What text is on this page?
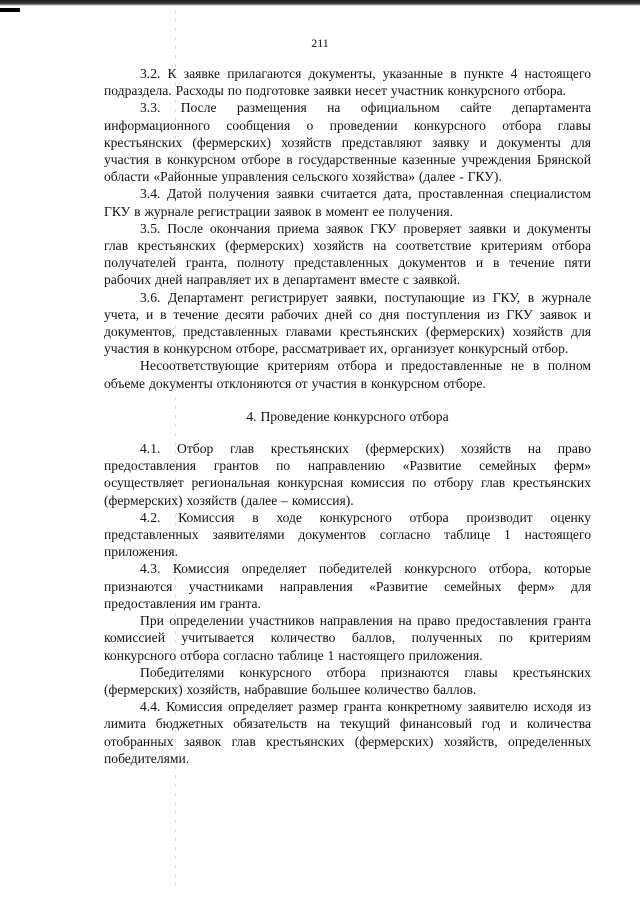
211

3.2. К заявке прилагаются документы, указанные в пункте 4 настоящего подраздела. Расходы по подготовке заявки несет участник конкурсного отбора.

3.3. После размещения на официальном сайте департамента информационного сообщения о проведении конкурсного отбора главы крестьянских (фермерских) хозяйств представляют заявку и документы для участия в конкурсном отборе в государственные казенные учреждения Брянской области «Районные управления сельского хозяйства» (далее - ГКУ).

3.4. Датой получения заявки считается дата, проставленная специалистом ГКУ в журнале регистрации заявок в момент ее получения.

3.5. После окончания приема заявок ГКУ проверяет заявки и документы глав крестьянских (фермерских) хозяйств на соответствие критериям отбора получателей гранта, полноту представленных документов и в течение пяти рабочих дней направляет их в департамент вместе с заявкой.

3.6. Департамент регистрирует заявки, поступающие из ГКУ, в журнале учета, и в течение десяти рабочих дней со дня поступления из ГКУ заявок и документов, представленных главами крестьянских (фермерских) хозяйств для участия в конкурсном отборе, рассматривает их, организует конкурсный отбор.

Несоответствующие критериям отбора и предоставленные не в полном объеме документы отклоняются от участия в конкурсном отборе.

4. Проведение конкурсного отбора

4.1. Отбор глав крестьянских (фермерских) хозяйств на право предоставления грантов по направлению «Развитие семейных ферм» осуществляет региональная конкурсная комиссия по отбору глав крестьянских (фермерских) хозяйств (далее – комиссия).

4.2. Комиссия в ходе конкурсного отбора производит оценку представленных заявителями документов согласно таблице 1 настоящего приложения.

4.3. Комиссия определяет победителей конкурсного отбора, которые признаются участниками направления «Развитие семейных ферм» для предоставления им гранта.

При определении участников направления на право предоставления гранта комиссией учитывается количество баллов, полученных по критериям конкурсного отбора согласно таблице 1 настоящего приложения.

Победителями конкурсного отбора признаются главы крестьянских (фермерских) хозяйств, набравшие большее количество баллов.

4.4. Комиссия определяет размер гранта конкретному заявителю исходя из лимита бюджетных обязательств на текущий финансовый год и количества отобранных заявок глав крестьянских (фермерских) хозяйств, определенных победителями.
